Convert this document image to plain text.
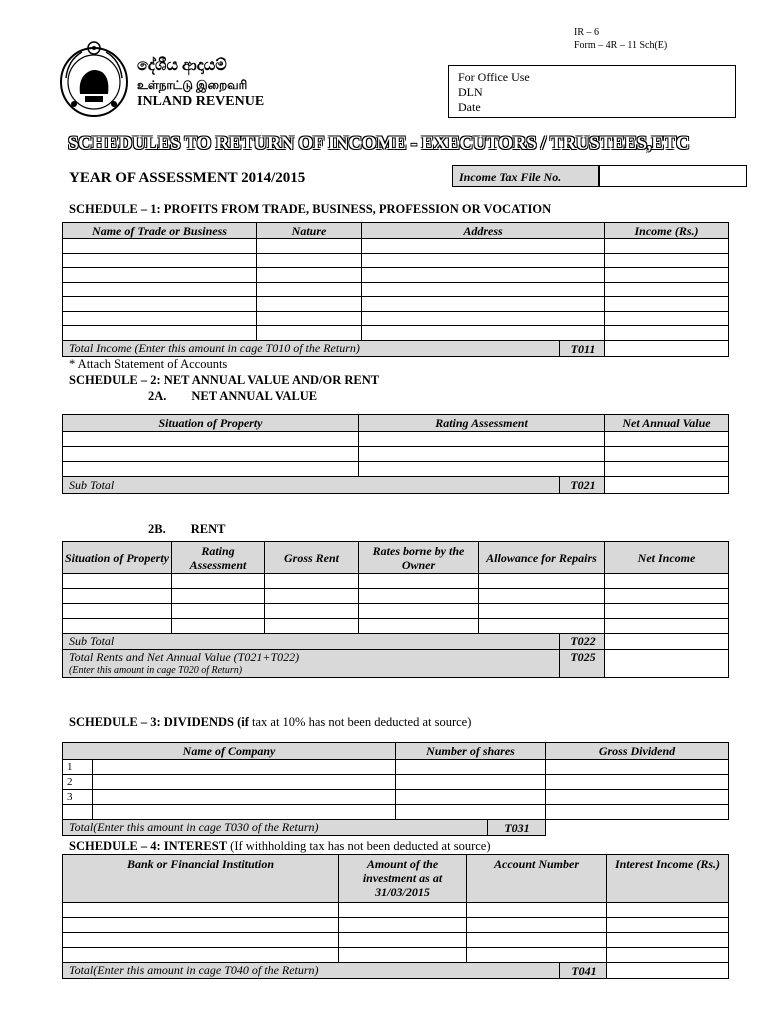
IR – 6
Form – 4R – 11 Sch(E)
දේශීය ආදායම්
உள்நாட்டு இறைவரி
INLAND REVENUE
For Office Use
DLN
Date
SCHEDULES TO RETURN OF INCOME - EXECUTORS / TRUSTEES,ETC
YEAR OF ASSESSMENT 2014/2015	Income Tax File No.
SCHEDULE – 1: PROFITS FROM TRADE, BUSINESS, PROFESSION OR VOCATION
Name of Trade or Business	Nature	Address	Income (Rs.)

Total Income (Enter this amount in cage T010 of the Return) T011			

* Attach Statement of Accounts
SCHEDULE – 2: NET ANNUAL VALUE AND/OR RENT
2A.        NET ANNUAL VALUE
Situation of Property	Rating Assessment	Net Annual Value

Sub Total T021		

2B.        RENT
Situation of Property	Rating Assessment	Gross Rent	Rates borne by the Owner	Allowance for Repairs	Net Income

Sub Total T022					

Total Rents and Net Annual Value (T021+T022)
(Enter this amount in cage T020 of Return)
T025					

SCHEDULE – 3: DIVIDENDS (if tax at 10% has not been deducted at source)
Name of Company		Number of shares	Gross Dividend
1			
2			
3			

Total(Enter this amount in cage T030 of the Return) T031			

SCHEDULE – 4: INTEREST (If withholding tax has not been deducted at source)
Bank or Financial Institution	Amount of the investment as at 31/03/2015	Account Number	Interest Income (Rs.)

Total(Enter this amount in cage T040 of the Return) T041			
